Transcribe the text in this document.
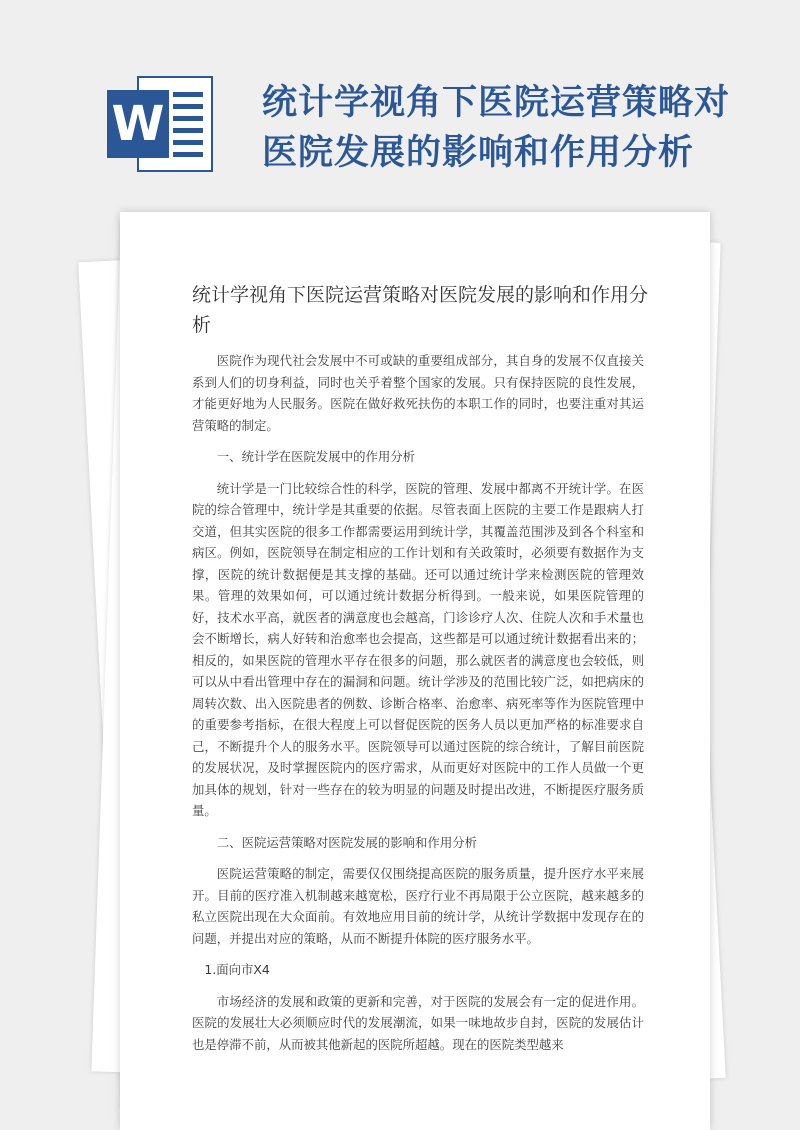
W	统计学视角下医院运营策略对
医院发展的影响和作用分析
统计学视角下医院运营策略对医院发展的影响和作用分析

医院作为现代社会发展中不可或缺的重要组成部分，其自身的发展不仅直接关系到人们的切身利益，同时也关乎着整个国家的发展。只有保持医院的良性发展，才能更好地为人民服务。医院在做好救死扶伤的本职工作的同时，也要注重对其运营策略的制定。

一、统计学在医院发展中的作用分析

统计学是一门比较综合性的科学，医院的管理、发展中都离不开统计学。在医院的综合管理中，统计学是其重要的依据。尽管表面上医院的主要工作是跟病人打交道，但其实医院的很多工作都需要运用到统计学，其覆盖范围涉及到各个科室和病区。例如，医院领导在制定相应的工作计划和有关政策时，必须要有数据作为支撑，医院的统计数据便是其支撑的基础。还可以通过统计学来检测医院的管理效果。管理的效果如何，可以通过统计数据分析得到。一般来说，如果医院管理的好，技术水平高，就医者的满意度也会越高，门诊诊疗人次、住院人次和手术量也会不断增长，病人好转和治愈率也会提高，这些都是可以通过统计数据看出来的；相反的，如果医院的管理水平存在很多的问题，那么就医者的满意度也会较低，则可以从中看出管理中存在的漏洞和问题。统计学涉及的范围比较广泛，如把病床的周转次数、出入医院患者的例数、诊断合格率、治愈率、病死率等作为医院管理中的重要参考指标，在很大程度上可以督促医院的医务人员以更加严格的标准要求自己，不断提升个人的服务水平。医院领导可以通过医院的综合统计，了解目前医院的发展状况，及时掌握医院内的医疗需求，从而更好对医院中的工作人员做一个更加具体的规划，针对一些存在的较为明显的问题及时提出改进，不断提医疗服务质量。

二、医院运营策略对医院发展的影响和作用分析

医院运营策略的制定，需要仅仅围绕提高医院的服务质量，提升医疗水平来展开。目前的医疗准入机制越来越宽松，医疗行业不再局限于公立医院，越来越多的私立医院出现在大众面前。有效地应用目前的统计学，从统计学数据中发现存在的问题，并提出对应的策略，从而不断提升体院的医疗服务水平。

1.面向市X4

市场经济的发展和政策的更新和完善，对于医院的发展会有一定的促进作用。医院的发展壮大必须顺应时代的发展潮流，如果一味地故步自封，医院的发展估计也是停滞不前，从而被其他新起的医院所超越。现在的医院类型越来
